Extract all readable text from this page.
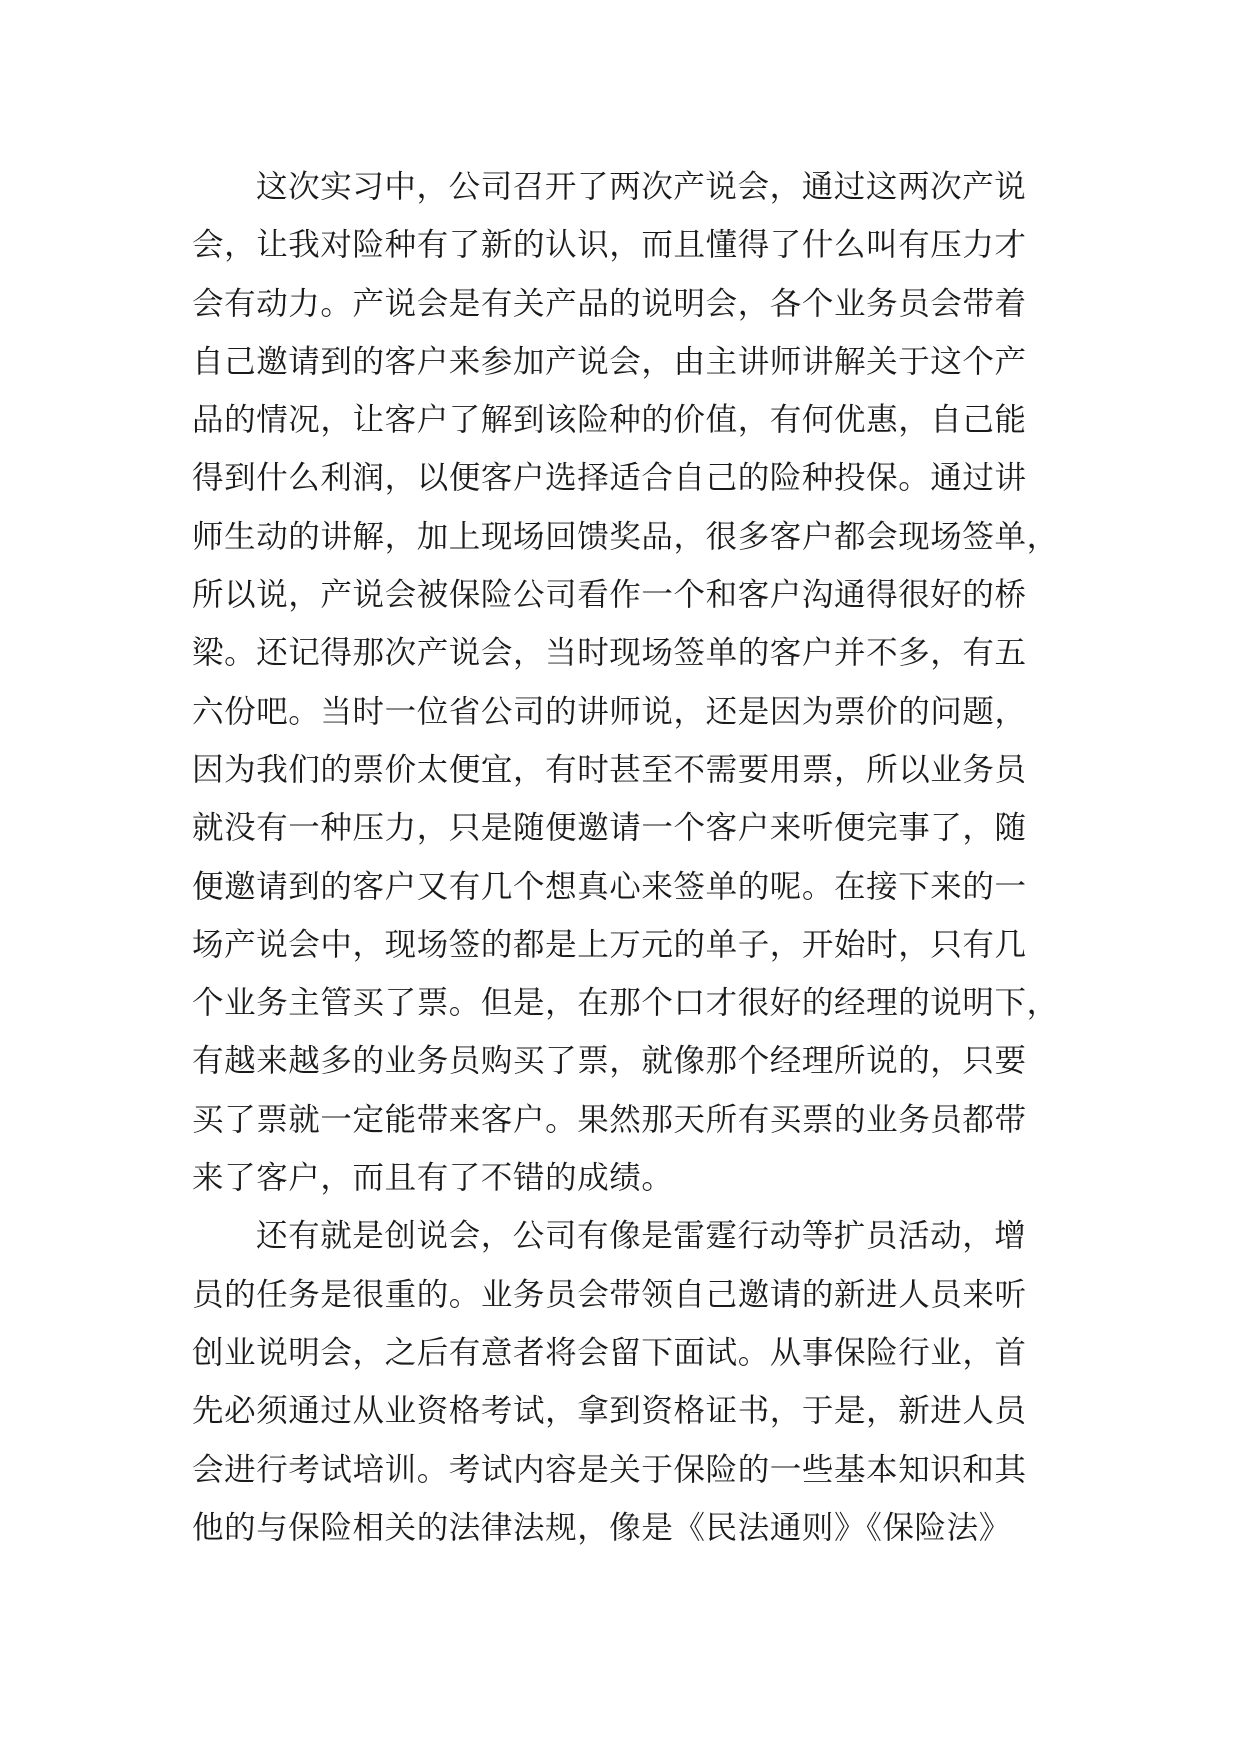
这次实习中，公司召开了两次产说会，通过这两次产说
会，让我对险种有了新的认识，而且懂得了什么叫有压力才
会有动力。产说会是有关产品的说明会，各个业务员会带着
自己邀请到的客户来参加产说会，由主讲师讲解关于这个产
品的情况，让客户了解到该险种的价值，有何优惠，自己能
得到什么利润，以便客户选择适合自己的险种投保。通过讲
师生动的讲解，加上现场回馈奖品，很多客户都会现场签单，
所以说，产说会被保险公司看作一个和客户沟通得很好的桥
梁。还记得那次产说会，当时现场签单的客户并不多，有五
六份吧。当时一位省公司的讲师说，还是因为票价的问题，
因为我们的票价太便宜，有时甚至不需要用票，所以业务员
就没有一种压力，只是随便邀请一个客户来听便完事了，随
便邀请到的客户又有几个想真心来签单的呢。在接下来的一
场产说会中，现场签的都是上万元的单子，开始时，只有几
个业务主管买了票。但是，在那个口才很好的经理的说明下，
有越来越多的业务员购买了票，就像那个经理所说的，只要
买了票就一定能带来客户。果然那天所有买票的业务员都带
来了客户，而且有了不错的成绩。
还有就是创说会，公司有像是雷霆行动等扩员活动，增
员的任务是很重的。业务员会带领自己邀请的新进人员来听
创业说明会，之后有意者将会留下面试。从事保险行业，首
先必须通过从业资格考试，拿到资格证书，于是，新进人员
会进行考试培训。考试内容是关于保险的一些基本知识和其
他的与保险相关的法律法规，像是《民法通则》《保险法》
